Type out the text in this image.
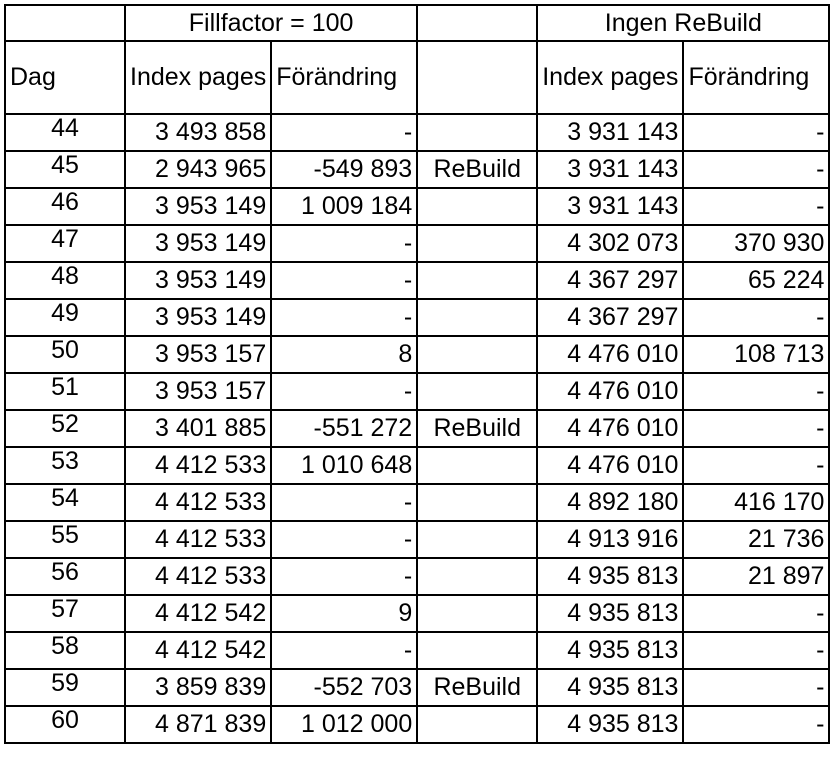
	Fillfactor = 100			Ingen ReBuild	
Dag	Index pages	Förändring		Index pages	Förändring
44	3 493 858	-		3 931 143	-
45	2 943 965	-549 893	ReBuild	3 931 143	-
46	3 953 149	1 009 184		3 931 143	-
47	3 953 149	-		4 302 073	370 930
48	3 953 149	-		4 367 297	65 224
49	3 953 149	-		4 367 297	-
50	3 953 157	8		4 476 010	108 713
51	3 953 157	-		4 476 010	-
52	3 401 885	-551 272	ReBuild	4 476 010	-
53	4 412 533	1 010 648		4 476 010	-
54	4 412 533	-		4 892 180	416 170
55	4 412 533	-		4 913 916	21 736
56	4 412 533	-		4 935 813	21 897
57	4 412 542	9		4 935 813	-
58	4 412 542	-		4 935 813	-
59	3 859 839	-552 703	ReBuild	4 935 813	-
60	4 871 839	1 012 000		4 935 813	-
